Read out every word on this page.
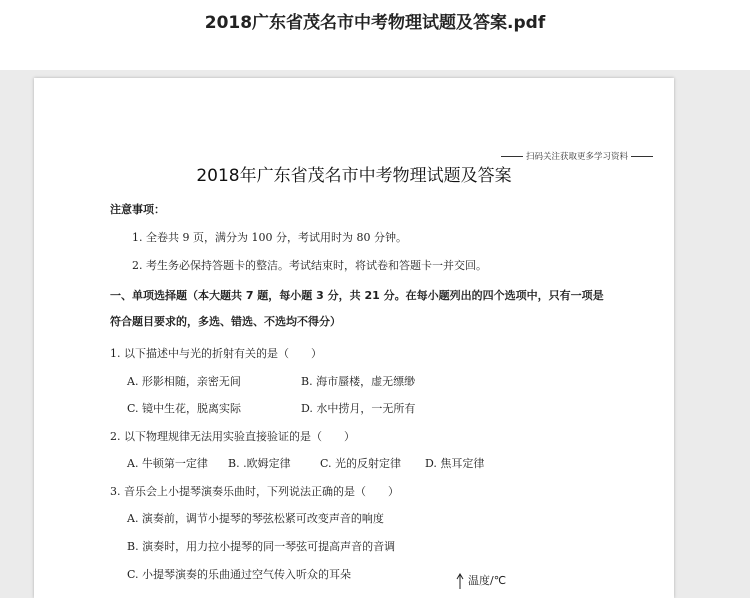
2018广东省茂名市中考物理试题及答案.pdf
扫码关注获取更多学习资料
2018年广东省茂名市中考物理试题及答案
注意事项：
1. 全卷共 9 页，满分为 100 分，考试用时为 80 分钟。
2. 考生务必保持答题卡的整洁。考试结束时，将试卷和答题卡一并交回。
一、单项选择题（本大题共 7 题，每小题 3 分，共 21 分。在每小题列出的四个选项中，只有一项是
符合题目要求的，多选、错选、不选均不得分）
1. 以下描述中与光的折射有关的是（　　）
A. 形影相随，亲密无间	B. 海市蜃楼，虚无缥缈
C. 镜中生花，脱离实际	D. 水中捞月，一无所有
2. 以下物理规律无法用实验直接验证的是（　　）
A. 牛顿第一定律 B. .欧姆定律	C. 光的反射定律 D. 焦耳定律
3. 音乐会上小提琴演奏乐曲时，下列说法正确的是（　　）
A. 演奏前，调节小提琴的琴弦松紧可改变声音的响度
B. 演奏时，用力拉小提琴的同一琴弦可提高声音的音调
C. 小提琴演奏的乐曲通过空气传入听众的耳朵	温度/℃
